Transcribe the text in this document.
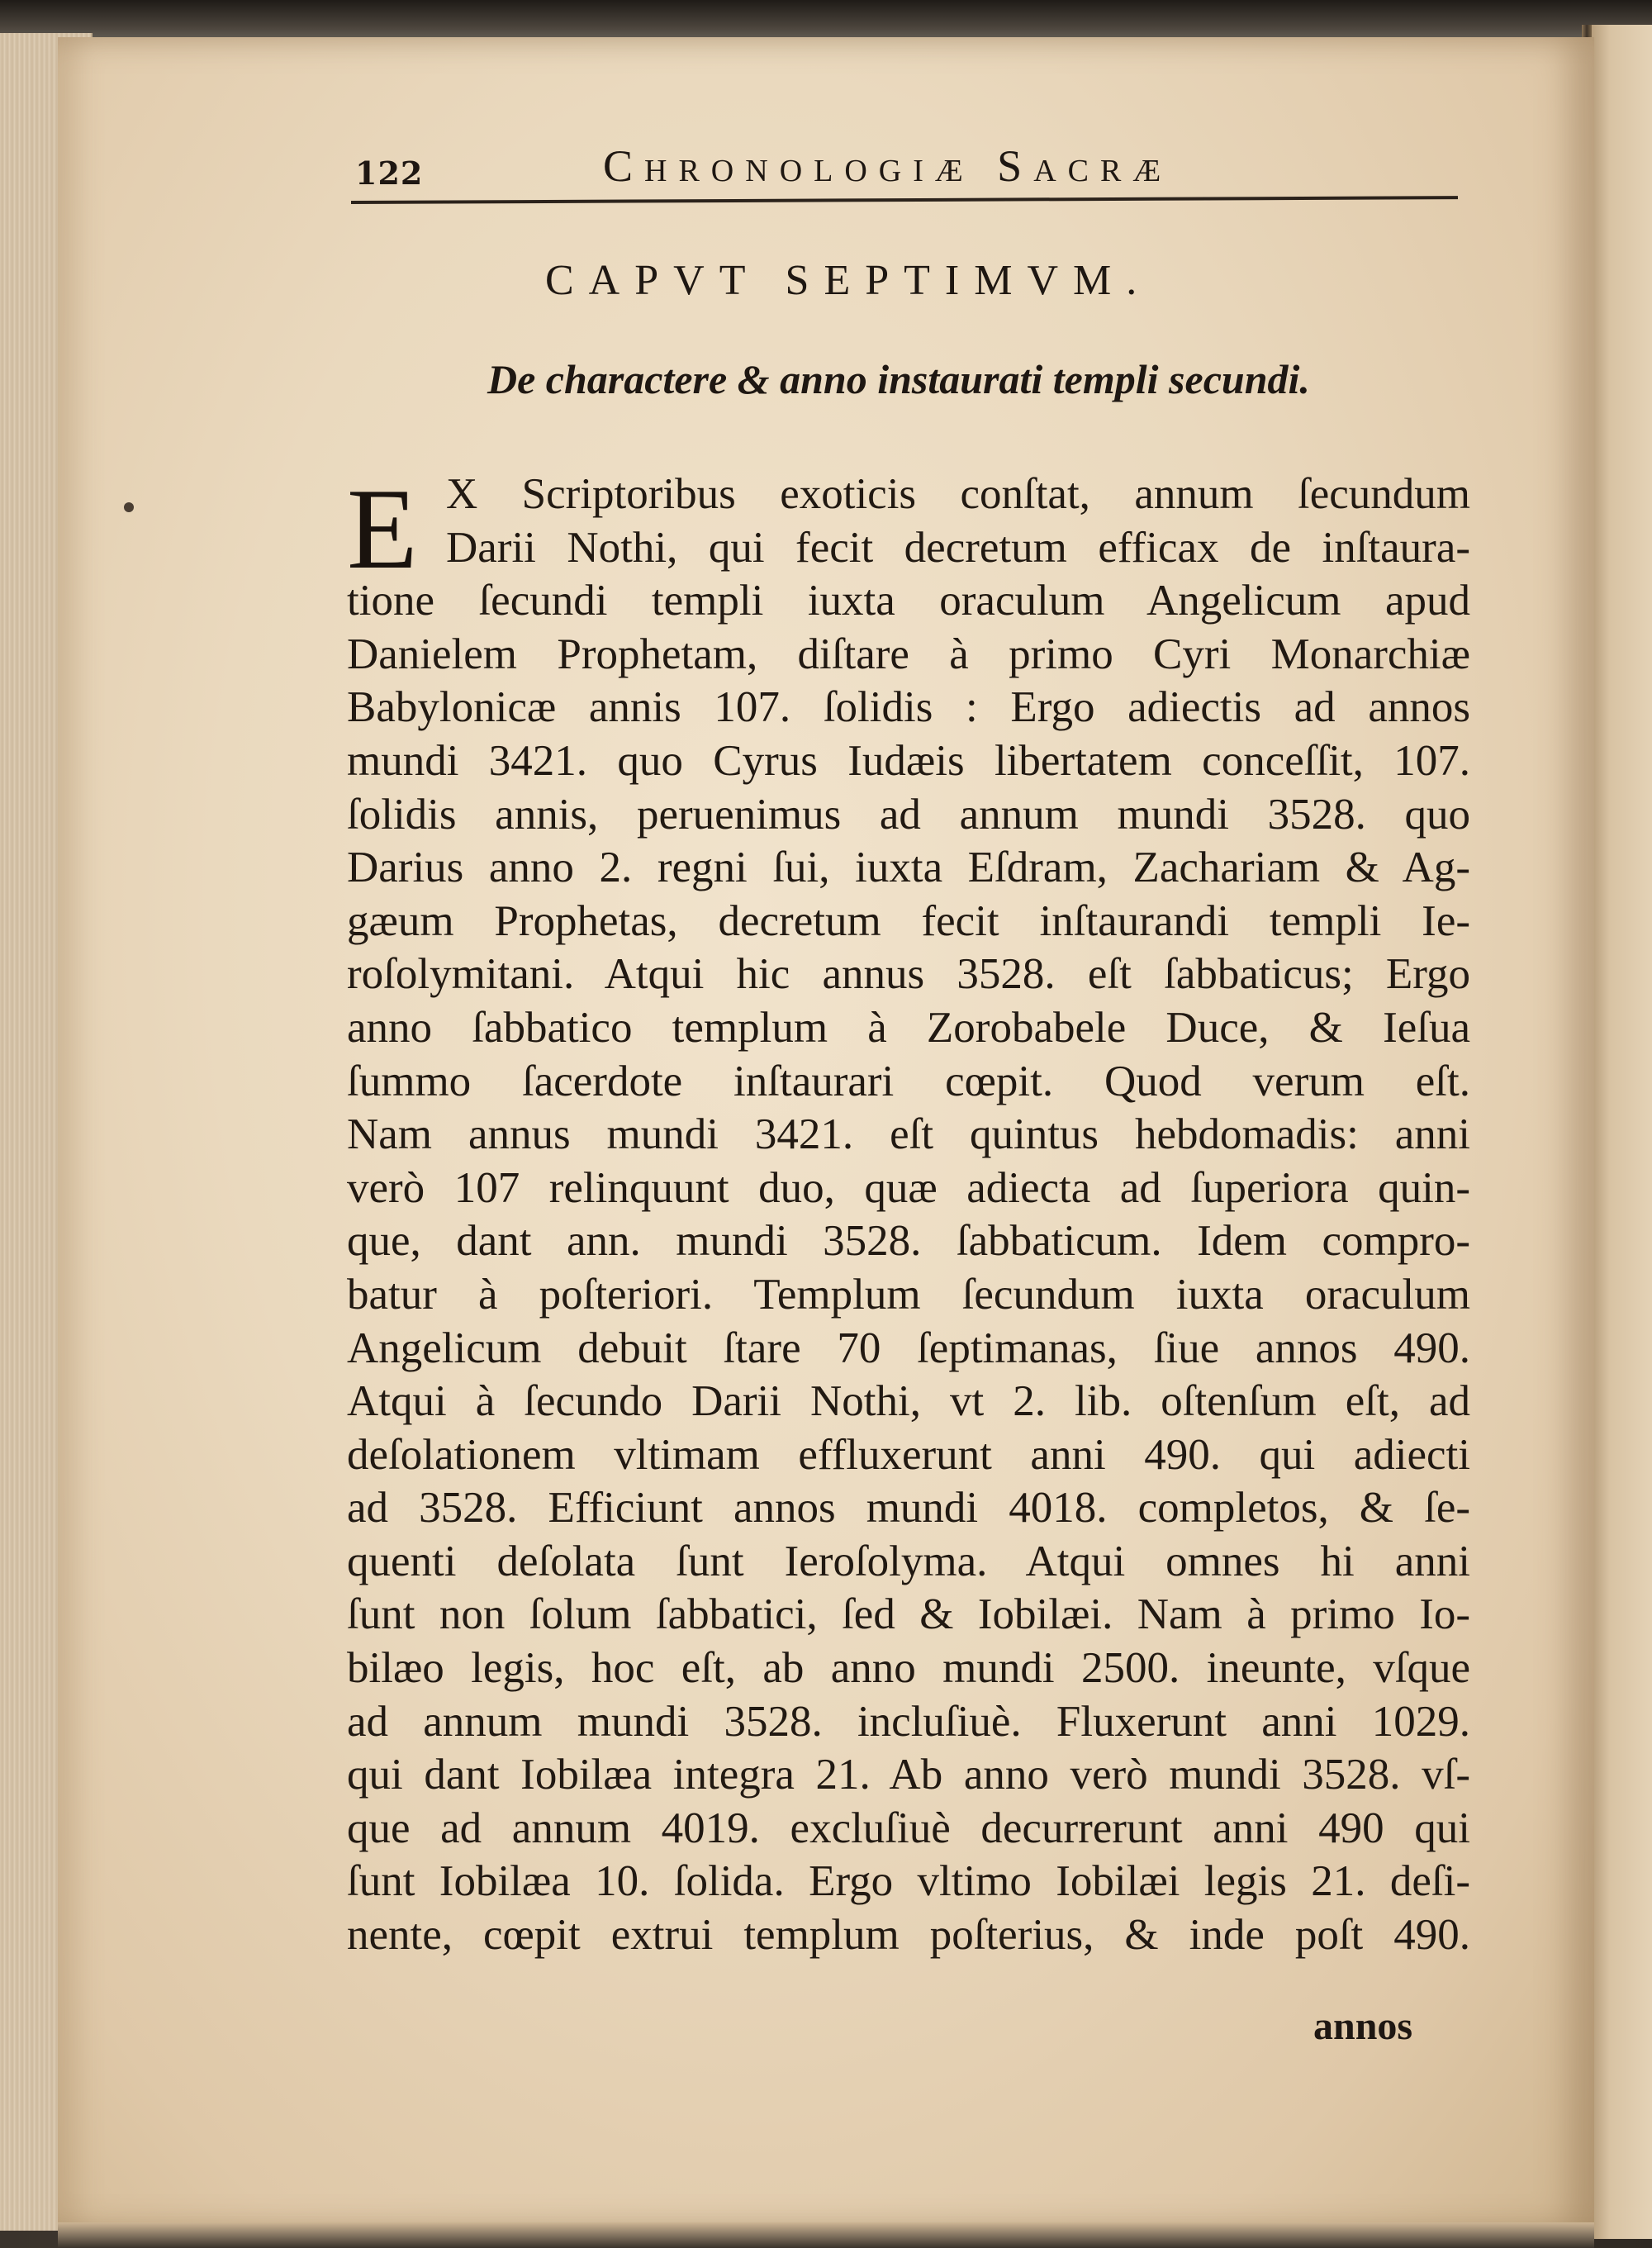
122	Chronologiæ Sacræ
CAPVT SEPTIMVM.
De charactere & anno instaurati templi secundi.
E X Scriptoribus exoticis conſtat, annum ſecundum
Darii Nothi, qui fecit decretum efficax de inſtaura-
tione ſecundi templi iuxta oraculum Angelicum apud
Danielem Prophetam, diſtare à primo Cyri Monarchiæ
Babylonicæ annis 107. ſolidis : Ergo adiectis ad annos
mundi 3421. quo Cyrus Iudæis libertatem conceſſit, 107.
ſolidis annis, peruenimus ad annum mundi 3528. quo
Darius anno 2. regni ſui, iuxta Eſdram, Zachariam & Ag-
gæum Prophetas, decretum fecit inſtaurandi templi Ie-
roſolymitani. Atqui hic annus 3528. eſt ſabbaticus; Ergo
anno ſabbatico templum à Zorobabele Duce, & Ieſua
ſummo ſacerdote inſtaurari cœpit. Quod verum eſt.
Nam annus mundi 3421. eſt quintus hebdomadis: anni
verò 107 relinquunt duo, quæ adiecta ad ſuperiora quin-
que, dant ann. mundi 3528. ſabbaticum. Idem compro-
batur à poſteriori. Templum ſecundum iuxta oraculum
Angelicum debuit ſtare 70 ſeptimanas, ſiue annos 490.
Atqui à ſecundo Darii Nothi, vt 2. lib. oſtenſum eſt, ad
deſolationem vltimam effluxerunt anni 490. qui adiecti
ad 3528. Efficiunt annos mundi 4018. completos, & ſe-
quenti deſolata ſunt Ieroſolyma. Atqui omnes hi anni
ſunt non ſolum ſabbatici, ſed & Iobilæi. Nam à primo Io-
bilæo legis, hoc eſt, ab anno mundi 2500. ineunte, vſque
ad annum mundi 3528. incluſiuè. Fluxerunt anni 1029.
qui dant Iobilæa integra 21. Ab anno verò mundi 3528. vſ-
que ad annum 4019. excluſiuè decurrerunt anni 490 qui
ſunt Iobilæa 10. ſolida. Ergo vltimo Iobilæi legis 21. deſi-
nente, cœpit extrui templum poſterius, & inde poſt 490.
annos
